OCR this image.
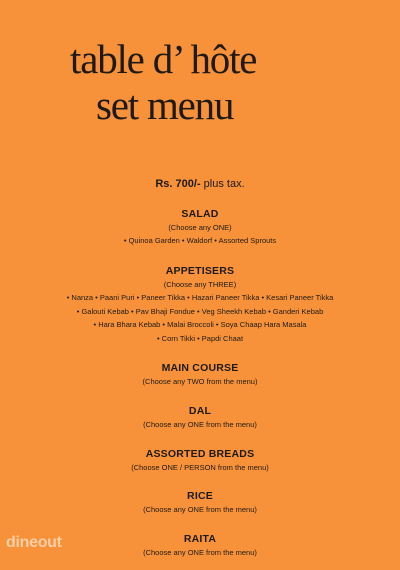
table d’ hôte
set menu
Rs. 700/- plus tax.
SALAD
(Choose any ONE)
• Quinoa Garden • Waldorf • Assorted Sprouts
APPETISERS
(Choose any THREE)
• Nanza • Paani Puri • Paneer Tikka • Hazari Paneer Tikka • Kesari Paneer Tikka
• Galouti Kebab • Pav Bhaji Fondue • Veg Sheekh Kebab • Ganderi Kebab
• Hara Bhara Kebab • Malai Broccoli • Soya Chaap Hara Masala
• Corn Tikki • Papdi Chaat
MAIN COURSE
(Choose any TWO from the menu)
DAL
(Choose any ONE from the menu)
ASSORTED BREADS
(Choose ONE / PERSON from the menu)
RICE
(Choose any ONE from the menu)
RAITA
(Choose any ONE from the menu)
dineout
